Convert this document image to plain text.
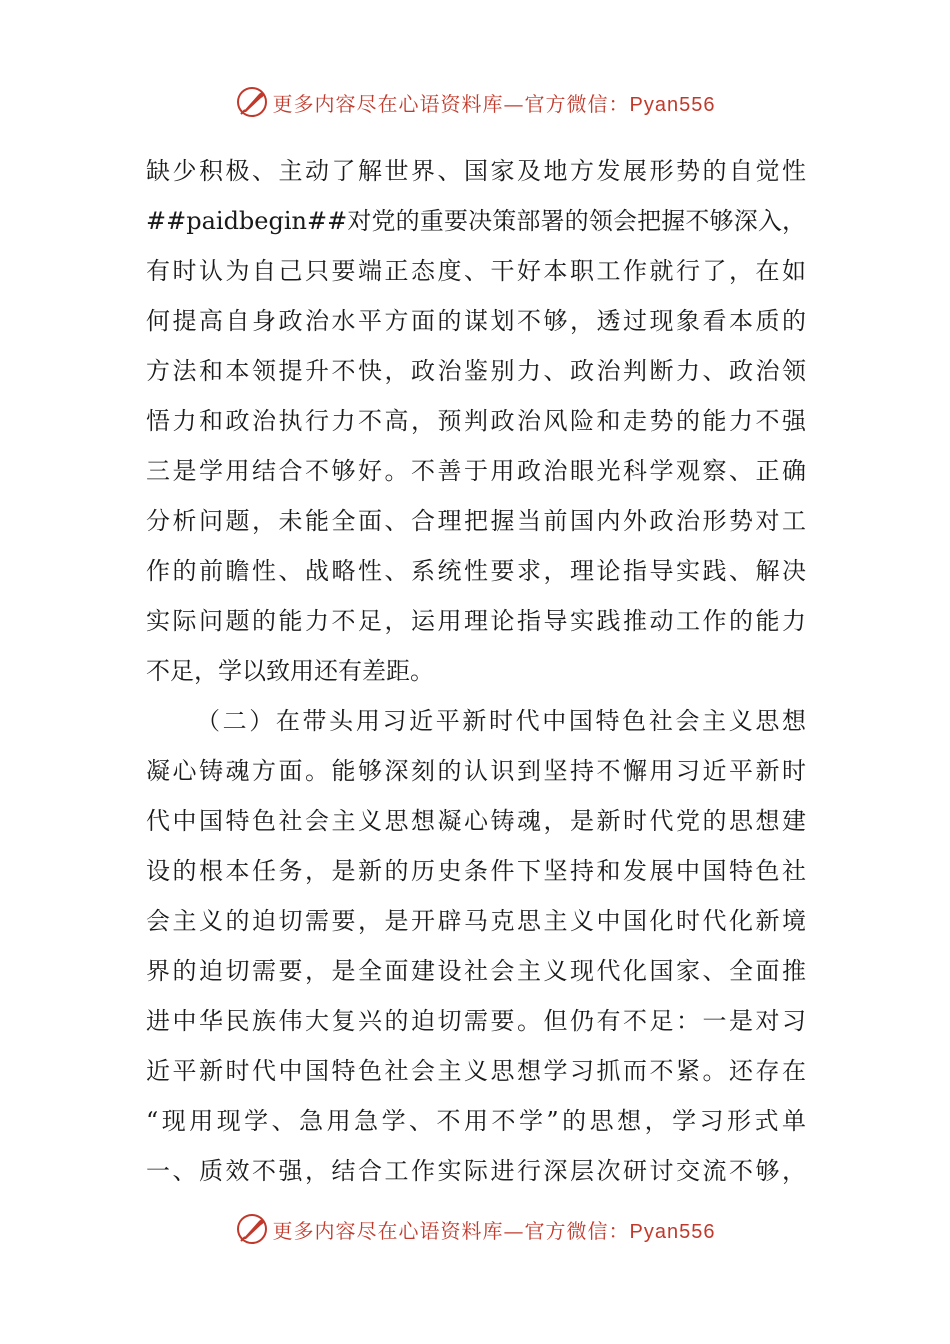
更多内容尽在心语资料库—官方微信：Pyan556
缺少积极、主动了解世界、国家及地方发展形势的自觉性
##paidbegin##对党的重要决策部署的领会把握不够深入，
有时认为自己只要端正态度、干好本职工作就行了，在如
何提高自身政治水平方面的谋划不够，透过现象看本质的
方法和本领提升不快，政治鉴别力、政治判断力、政治领
悟力和政治执行力不高，预判政治风险和走势的能力不强
三是学用结合不够好。不善于用政治眼光科学观察、正确
分析问题，未能全面、合理把握当前国内外政治形势对工
作的前瞻性、战略性、系统性要求，理论指导实践、解决
实际问题的能力不足，运用理论指导实践推动工作的能力
不足，学以致用还有差距。
（二）在带头用习近平新时代中国特色社会主义思想
凝心铸魂方面。能够深刻的认识到坚持不懈用习近平新时
代中国特色社会主义思想凝心铸魂，是新时代党的思想建
设的根本任务，是新的历史条件下坚持和发展中国特色社
会主义的迫切需要，是开辟马克思主义中国化时代化新境
界的迫切需要，是全面建设社会主义现代化国家、全面推
进中华民族伟大复兴的迫切需要。但仍有不足：一是对习
近平新时代中国特色社会主义思想学习抓而不紧。还存在
“现用现学、急用急学、不用不学”的思想，学习形式单
一、质效不强，结合工作实际进行深层次研讨交流不够，
更多内容尽在心语资料库—官方微信：Pyan556
